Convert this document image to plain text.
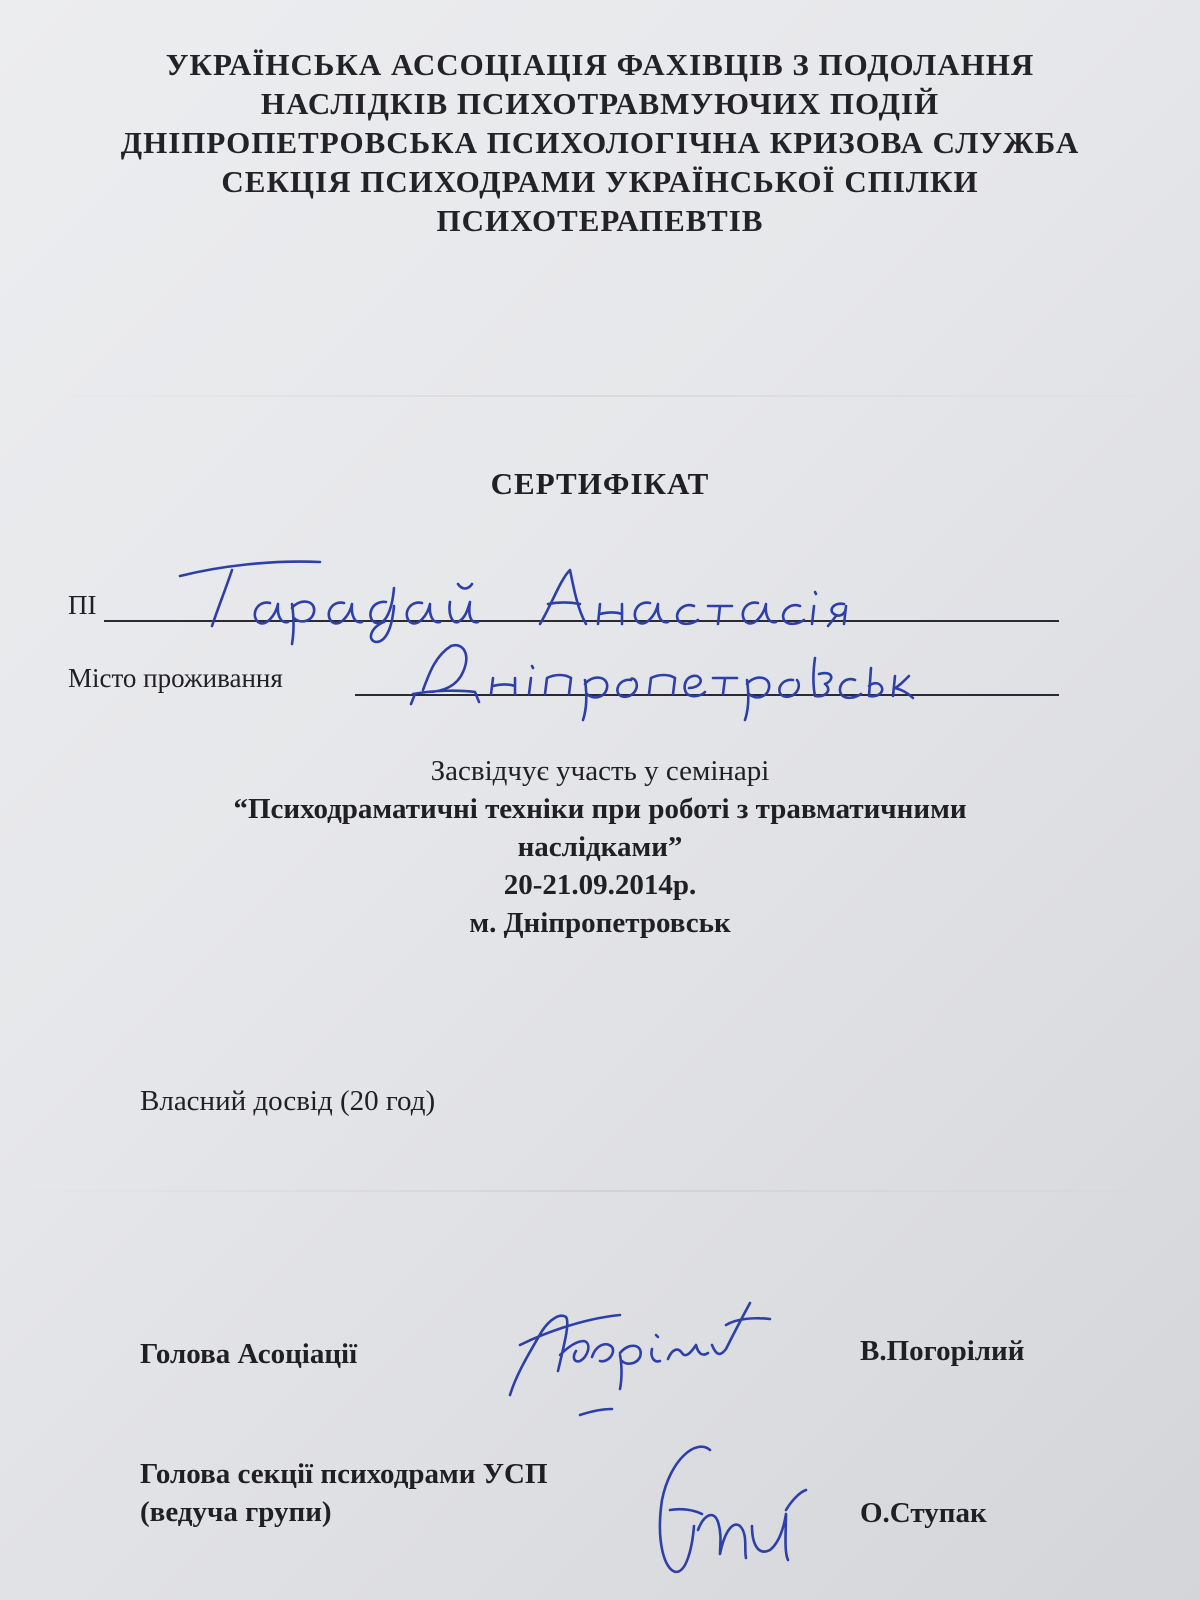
УКРАЇНСЬКА АССОЦІАЦІЯ ФАХІВЦІВ З ПОДОЛАННЯ
НАСЛІДКІВ ПСИХОТРАВМУЮЧИХ ПОДІЙ
ДНІПРОПЕТРОВСЬКА ПСИХОЛОГІЧНА КРИЗОВА СЛУЖБА
СЕКЦІЯ ПСИХОДРАМИ УКРАЇНСЬКОЇ СПІЛКИ
ПСИХОТЕРАПЕВТІВ
СЕРТИФІКАТ
ПІ
Місто проживання
Засвідчує участь у семінарі
“Психодраматичні техніки при роботі з травматичними
наслідками”
20-21.09.2014р.
м. Дніпропетровськ
Власний досвід (20 год)
Голова Асоціації	В.Погорілий
Голова секції психодрами УСП
(ведуча групи)	О.Ступак
